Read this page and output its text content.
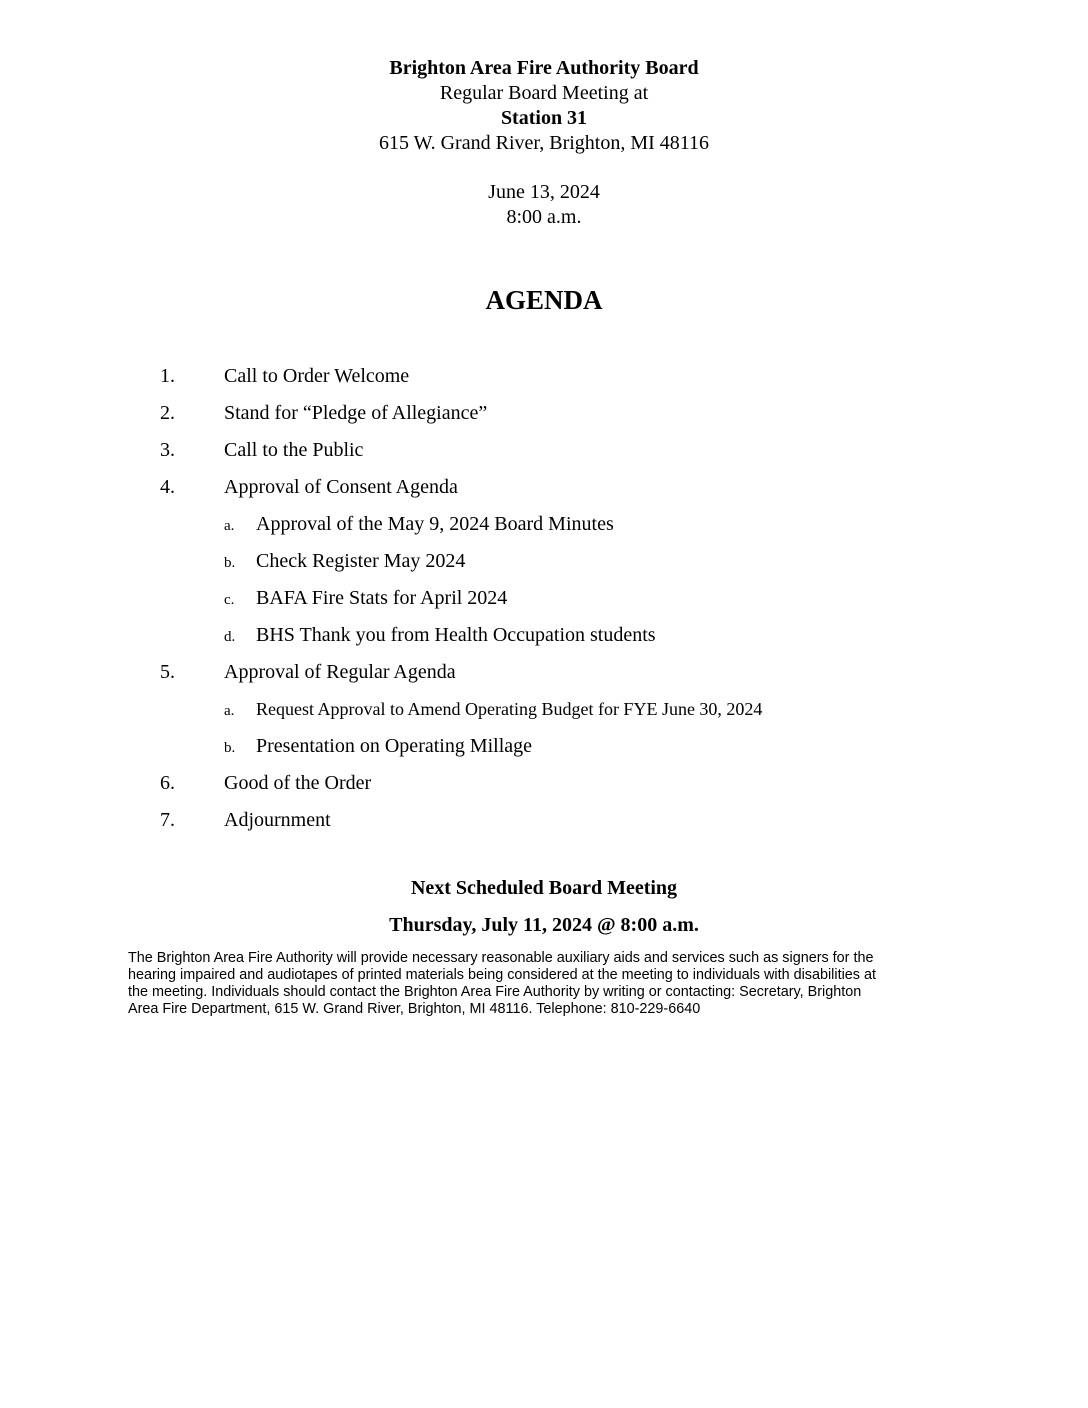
Brighton Area Fire Authority Board
Regular Board Meeting at
Station 31
615 W. Grand River, Brighton, MI 48116
June 13, 2024
8:00 a.m.
AGENDA
1.	Call to Order Welcome
2.	Stand for “Pledge of Allegiance”
3.	Call to the Public
4.	Approval of Consent Agenda
a. Approval of the May 9, 2024 Board Minutes
b. Check Register May 2024
c. BAFA Fire Stats for April 2024
d. BHS Thank you from Health Occupation students
5.	Approval of Regular Agenda
a. Request Approval to Amend Operating Budget for FYE June 30, 2024
b. Presentation on Operating Millage
6.	Good of the Order
7.	Adjournment
Next Scheduled Board Meeting
Thursday, July 11, 2024 @ 8:00 a.m.
The Brighton Area Fire Authority will provide necessary reasonable auxiliary aids and services such as signers for the
hearing impaired and audiotapes of printed materials being considered at the meeting to individuals with disabilities at
the meeting. Individuals should contact the Brighton Area Fire Authority by writing or contacting: Secretary, Brighton
Area Fire Department, 615 W. Grand River, Brighton, MI 48116. Telephone: 810-229-6640
